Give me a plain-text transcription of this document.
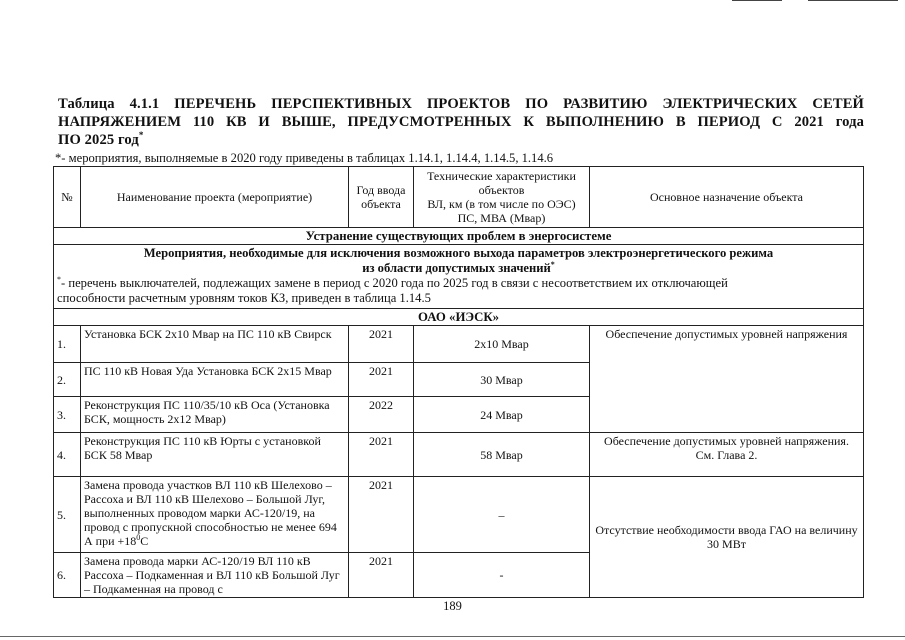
Таблица 4.1.1 ПЕРЕЧЕНЬ ПЕРСПЕКТИВНЫХ ПРОЕКТОВ ПО РАЗВИТИЮ ЭЛЕКТРИЧЕСКИХ СЕТЕЙ НАПРЯЖЕНИЕМ 110 КВ И ВЫШЕ, ПРЕДУСМОТРЕННЫХ К ВЫПОЛНЕНИЮ В ПЕРИОД С 2021 года
ПО 2025 год*
*- мероприятия, выполняемые в 2020 году приведены в таблицах 1.14.1, 1.14.4, 1.14.5, 1.14.6
№	Наименование проекта (мероприятие)	Год ввода объекта	Технические характеристики объектов
ВЛ, км (в том числе по ОЭС)
ПС, МВА (Мвар)	Основное назначение объекта
Устранение существующих проблем в энергосистеме				

Мероприятия, необходимые для исключения возможного выхода параметров электроэнергетического режима
из области допустимых значений*
*- перечень выключателей, подлежащих замене в период с 2020 года по 2025 год в связи с несоответствием их отключающей
способности расчетным уровням токов КЗ, приведен в таблица 1.14.5				

ОАО «ИЭСК»				
1.	Установка БСК 2х10 Мвар на ПС 110 кВ Свирск	2021	2х10 Мвар	Обеспечение допустимых уровней напряжения
2.	ПС 110 кВ Новая Уда Установка БСК 2х15 Мвар	2021	30 Мвар	
3.	Реконструкция ПС 110/35/10 кВ Оса (Установка БСК, мощность 2х12 Мвар)	2022	24 Мвар	
4.	Реконструкция ПС 110 кВ Юрты с установкой БСК 58 Мвар	2021	58 Мвар	Обеспечение допустимых уровней напряжения.
См. Глава 2.
5.	Замена провода участков ВЛ 110 кВ Шелехово – Рассоха и ВЛ 110 кВ Шелехово – Большой Луг, выполненных проводом марки АС-120/19, на провод с пропускной способностью не менее 694 А при $+18^0С$	2021	–	Отсутствие необходимости ввода ГАО на величину 30 МВт
6.	Замена провода марки АС-120/19 ВЛ 110 кВ Рассоха – Подкаменная и ВЛ 110 кВ Большой Луг – Подкаменная на провод с	2021	-	
189
